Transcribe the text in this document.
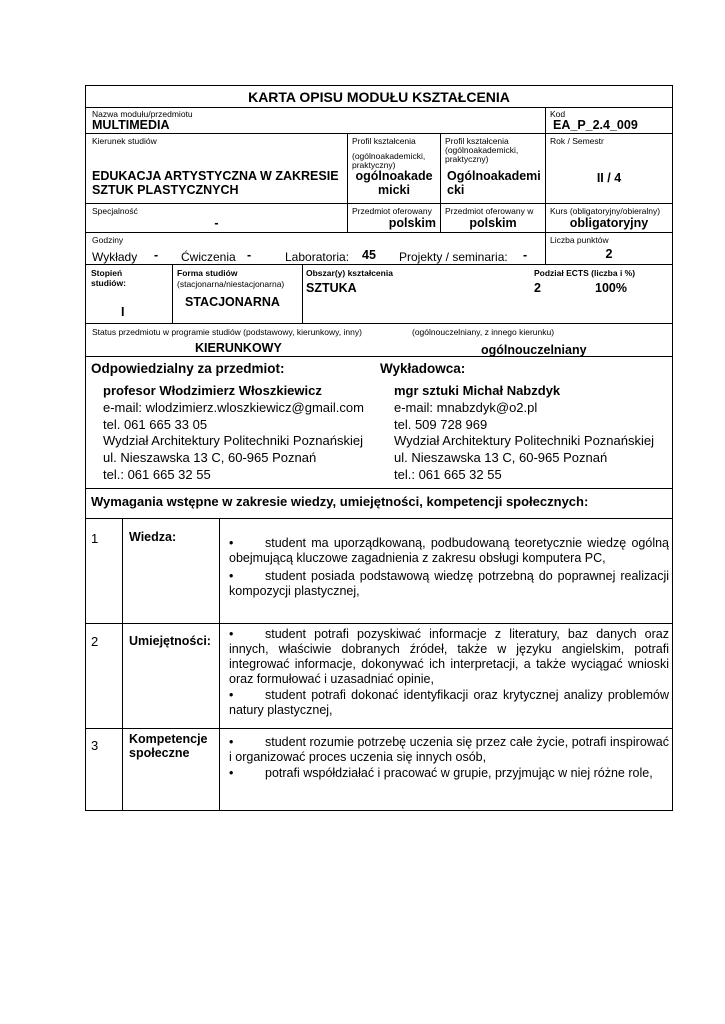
KARTA OPISU MODUŁU KSZTAŁCENIA
Nazwa modułu/przedmiotu
MULTIMEDIA
Kod
EA_P_2.4_009
Kierunek studiów
EDUKACJA ARTYSTYCZNA W ZAKRESIE
SZTUK PLASTYCZNYCH
Profil kształcenia
(ogólnoakademicki,
praktyczny)
ogólnoakade
micki
Profil kształcenia
(ogólnoakademicki,
praktyczny)
Ogólnoakademi
cki
Rok / Semestr
II / 4
Specjalność
-
Przedmiot oferowany
polskim
Przedmiot oferowany w
polskim
Kurs (obligatoryjny/obieralny)
obligatoryjny
Godziny
Wykłady - Ćwiczenia -	Laboratoria: 45 Projekty / seminaria: -
Liczba punktów
2
Stopień
studiów:
I
Forma studiów
(stacjonarna/niestacjonarna)
STACJONARNA
Obszar(y) kształcenia
SZTUKA
Podział ECTS (liczba i %)
2	100%
Status przedmiotu w programie studiów (podstawowy, kierunkowy, inny)	(ogólnouczelniany, z innego kierunku)
KIERUNKOWY	ogólnouczelniany
Odpowiedzialny za przedmiot:
profesor Włodzimierz Włoszkiewicz
e-mail: wlodzimierz.wloszkiewicz@gmail.com
tel. 061 665 33 05
Wydział Architektury Politechniki Poznańskiej
ul. Nieszawska 13 C, 60-965 Poznań
tel.: 061 665 32 55
Wykładowca:
mgr sztuki Michał Nabzdyk
e-mail: mnabzdyk@o2.pl
tel. 509 728 969
Wydział Architektury Politechniki Poznańskiej
ul. Nieszawska 13 C, 60-965 Poznań
tel.: 061 665 32 55
Wymagania wstępne w zakresie wiedzy, umiejętności, kompetencji społecznych:
1 Wiedza:	•	student ma uporządkowaną, podbudowaną teoretycznie wiedzę ogólną obejmującą kluczowe zagadnienia z zakresu obsługi komputera PC,
•	student posiada podstawową wiedzę potrzebną do poprawnej realizacji kompozycji plastycznej,
2 Umiejętności: •	student potrafi pozyskiwać informacje z literatury, baz danych oraz innych, właściwie dobranych źródeł, także w języku angielskim, potrafi integrować informacje, dokonywać ich interpretacji, a także wyciągać wnioski oraz formułować i uzasadniać opinie,
•	student potrafi dokonać identyfikacji oraz krytycznej analizy problemów natury plastycznej,
3 Kompetencje
społeczne
•	student rozumie potrzebę uczenia się przez całe życie, potrafi inspirować i organizować proces uczenia się innych osób,
•	potrafi współdziałać i pracować w grupie, przyjmując w niej różne role,
